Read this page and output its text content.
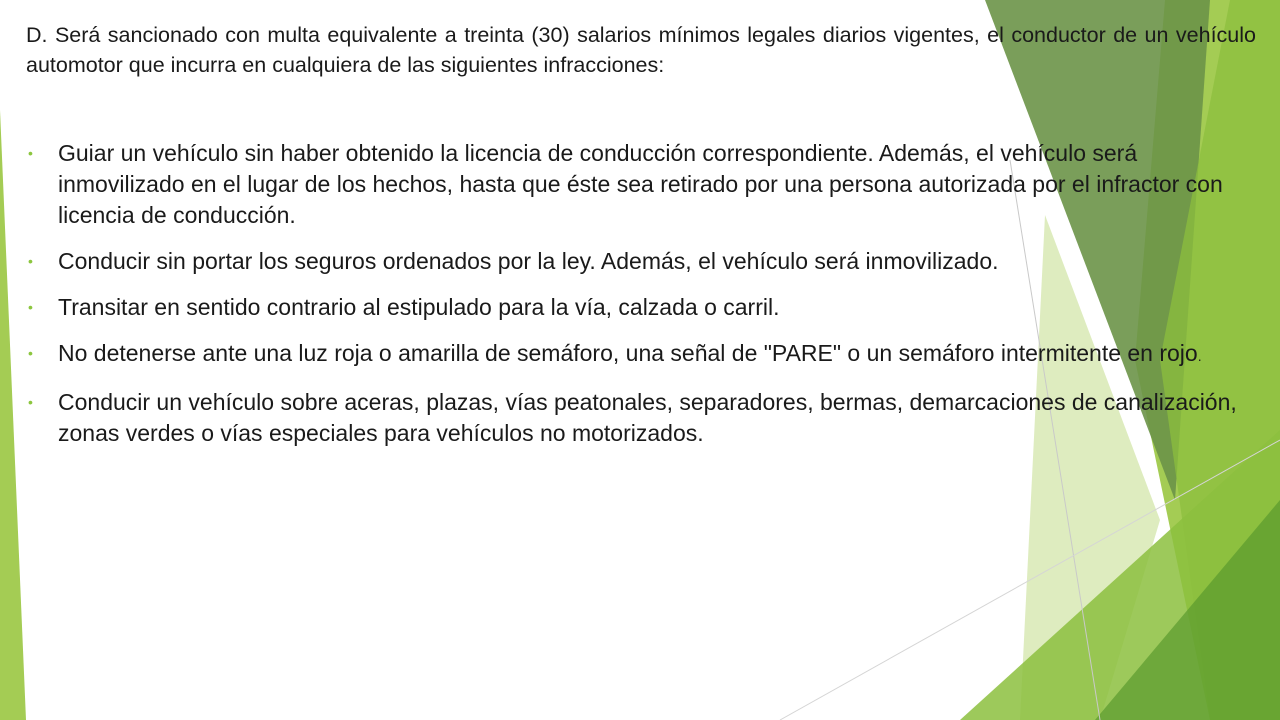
D. Será sancionado con multa equivalente a treinta (30) salarios mínimos legales diarios vigentes, el conductor de un vehículo automotor que incurra en cualquiera de las siguientes infracciones:

• Guiar un vehículo sin haber obtenido la licencia de conducción correspondiente. Además, el vehículo será inmovilizado en el lugar de los hechos, hasta que éste sea retirado por una persona autorizada por el infractor con licencia de conducción.
• Conducir sin portar los seguros ordenados por la ley. Además, el vehículo será inmovilizado.
• Transitar en sentido contrario al estipulado para la vía, calzada o carril.
• No detenerse ante una luz roja o amarilla de semáforo, una señal de "PARE" o un semáforo intermitente en rojo.
• Conducir un vehículo sobre aceras, plazas, vías peatonales, separadores, bermas, demarcaciones de canalización, zonas verdes o vías especiales para vehículos no motorizados.
